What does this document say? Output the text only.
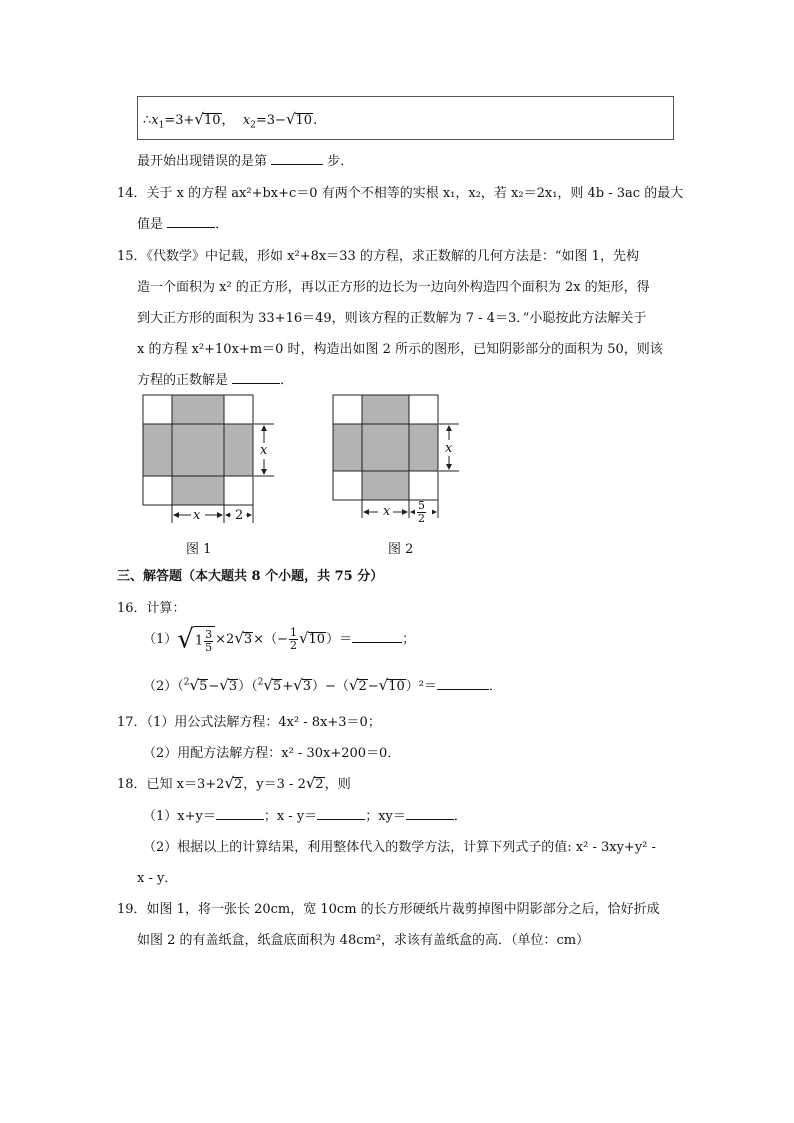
$\therefore x_1=3+√10$， $x_2=3-√10$.
最开始出现错误的是第	步．
14．关于 x 的方程 ax²+bx+c＝0 有两个不相等的实根 x₁，x₂，若 x₂＝2x₁，则 4b - 3ac 的最大
值是	．
15．《代数学》中记载，形如 x²+8x＝33 的方程，求正数解的几何方法是：“如图 1，先构
造一个面积为 x² 的正方形，再以正方形的边长为一边向外构造四个面积为 2x 的矩形，得
到大正方形的面积为 33+16＝49，则该方程的正数解为 7 - 4＝3．”小聪按此方法解关于
x 的方程 x²+10x+m＝0 时，构造出如图 2 所示的图形，已知阴影部分的面积为 50，则该
方程的正数解是	．
x
x	2
图 1
x
x $\frac{5}{2}$
图 2
三、解答题（本大题共 8 个小题，共 75 分）
16．计算：
$(1)√1 \frac{3}{5} \times 2√3\times(- \frac{1}{2} √10)=$	；
（2）（$^2$√5−√3）（$^2$√5+√3）−（√2−√10）²＝	．
17．（1）用公式法解方程：4x² - 8x+3＝0；
（2）用配方法解方程：x² - 30x+200＝0．
18．已知 x＝3+2√2，y＝3 - 2√2，则
（1）x+y＝	；x - y＝	；xy＝	．
（2）根据以上的计算结果，利用整体代入的数学方法，计算下列式子的值: x² - 3xy+y² -
x - y．
19．如图 1，将一张长 20cm，宽 10cm 的长方形硬纸片裁剪掉图中阴影部分之后，恰好折成
如图 2 的有盖纸盒，纸盒底面积为 48cm²，求该有盖纸盒的高．（单位：cm）
